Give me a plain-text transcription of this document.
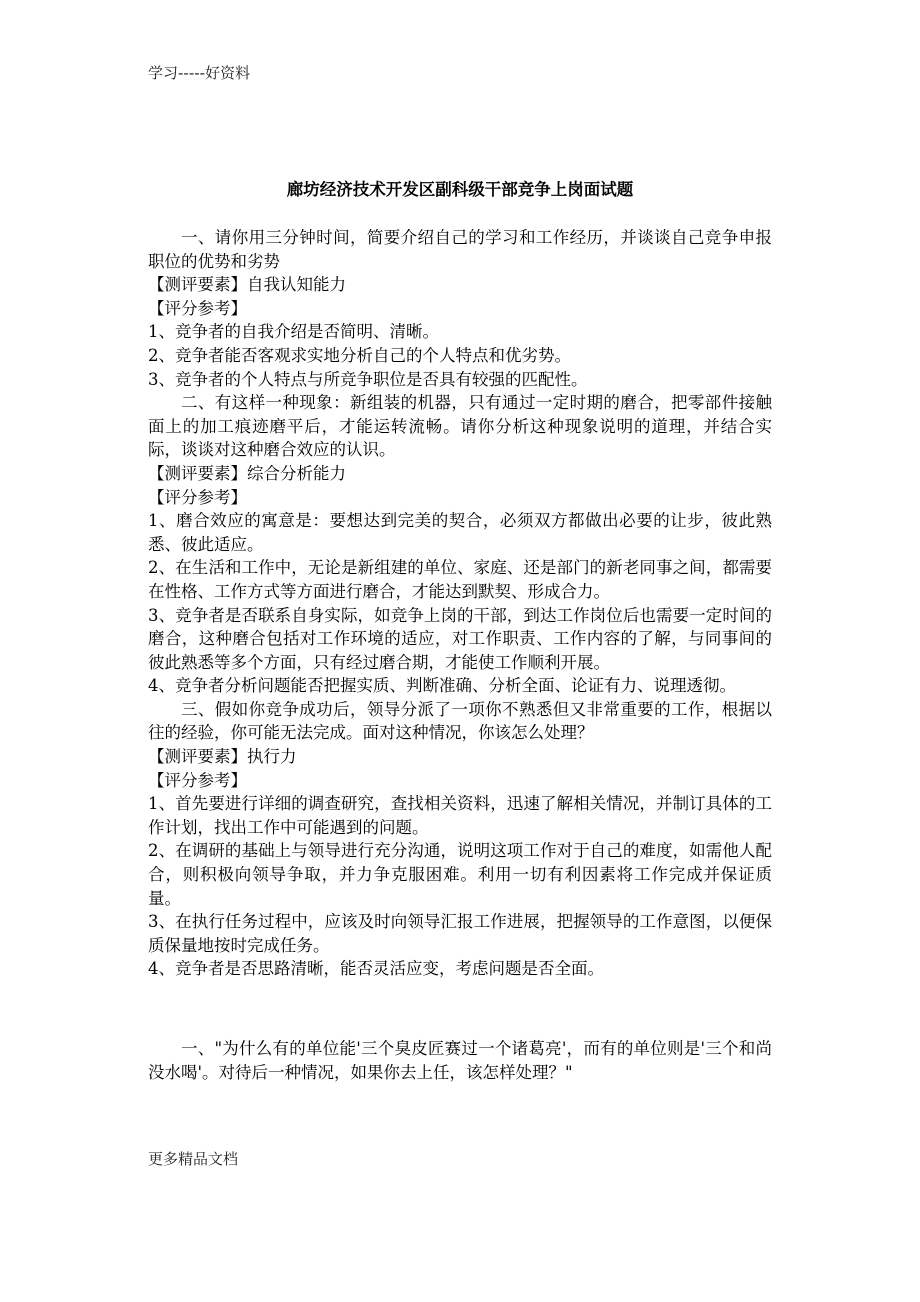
学习-----好资料
廊坊经济技术开发区副科级干部竞争上岗面试题

一、请你用三分钟时间，简要介绍自己的学习和工作经历，并谈谈自己竞争申报职位的优势和劣势

【测评要素】自我认知能力

【评分参考】

1、竞争者的自我介绍是否简明、清晰。

2、竞争者能否客观求实地分析自己的个人特点和优劣势。

3、竞争者的个人特点与所竞争职位是否具有较强的匹配性。

二、有这样一种现象：新组装的机器，只有通过一定时期的磨合，把零部件接触面上的加工痕迹磨平后，才能运转流畅。请你分析这种现象说明的道理，并结合实际，谈谈对这种磨合效应的认识。

【测评要素】综合分析能力

【评分参考】

1、磨合效应的寓意是：要想达到完美的契合，必须双方都做出必要的让步，彼此熟悉、彼此适应。

2、在生活和工作中，无论是新组建的单位、家庭、还是部门的新老同事之间，都需要在性格、工作方式等方面进行磨合，才能达到默契、形成合力。

3、竞争者是否联系自身实际，如竞争上岗的干部，到达工作岗位后也需要一定时间的磨合，这种磨合包括对工作环境的适应，对工作职责、工作内容的了解，与同事间的彼此熟悉等多个方面，只有经过磨合期，才能使工作顺利开展。

4、竞争者分析问题能否把握实质、判断准确、分析全面、论证有力、说理透彻。

三、假如你竞争成功后，领导分派了一项你不熟悉但又非常重要的工作，根据以往的经验，你可能无法完成。面对这种情况，你该怎么处理？

【测评要素】执行力

【评分参考】

1、首先要进行详细的调查研究，查找相关资料，迅速了解相关情况，并制订具体的工作计划，找出工作中可能遇到的问题。

2、在调研的基础上与领导进行充分沟通，说明这项工作对于自己的难度，如需他人配合，则积极向领导争取，并力争克服困难。利用一切有利因素将工作完成并保证质量。

3、在执行任务过程中，应该及时向领导汇报工作进展，把握领导的工作意图，以便保质保量地按时完成任务。

4、竞争者是否思路清晰，能否灵活应变，考虑问题是否全面。

一、"为什么有的单位能'三个臭皮匠赛过一个诸葛亮'，而有的单位则是'三个和尚没水喝'。对待后一种情况，如果你去上任，该怎样处理？"

更多精品文档
